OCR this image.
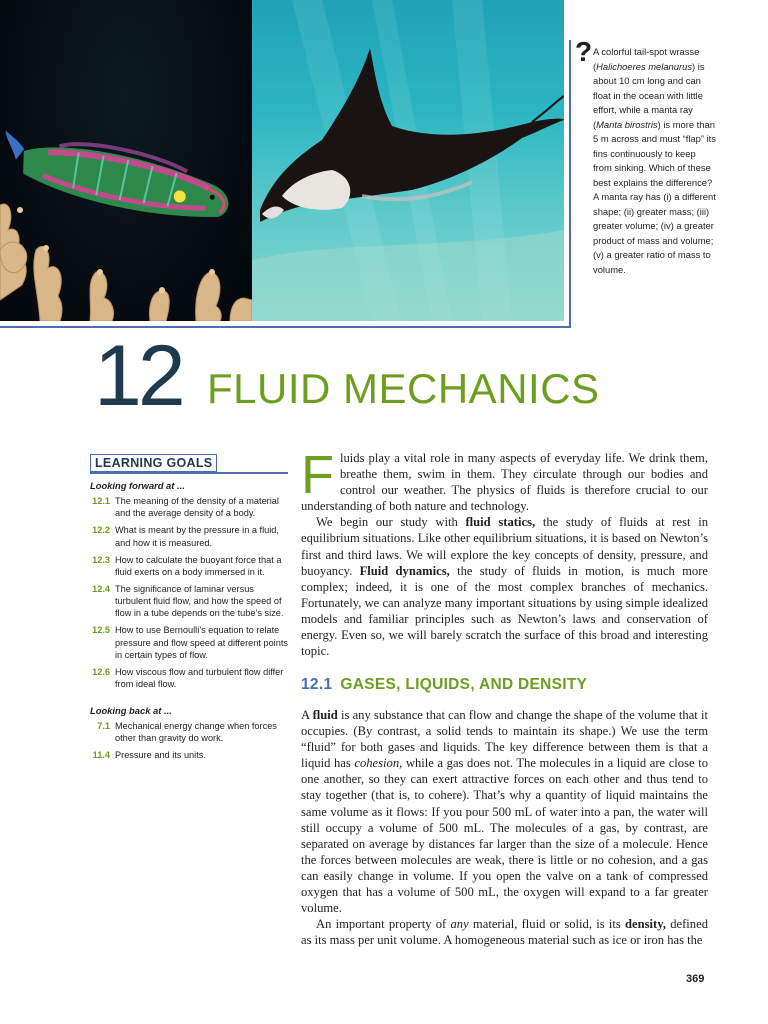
? A colorful tail-spot wrasse (Halichoeres melanurus) is about 10 cm long and can float in the ocean with little effort, while a manta ray (Manta birostris) is more than 5 m across and must “flap” its fins continuously to keep from sinking. Which of these best explains the difference? A manta ray has (i) a different shape; (ii) greater mass; (iii) greater volume; (iv) a greater product of mass and volume; (v) a greater ratio of mass to volume.
12 FLUID MECHANICS
LEARNING GOALS
Looking forward at ...
12.1 The meaning of the density of a material and the average density of a body.
12.2 What is meant by the pressure in a fluid, and how it is measured.
12.3 How to calculate the buoyant force that a fluid exerts on a body immersed in it.
12.4 The significance of laminar versus turbulent fluid flow, and how the speed of flow in a tube depends on the tube’s size.
12.5 How to use Bernoulli’s equation to relate pressure and flow speed at different points in certain types of flow.
12.6 How viscous flow and turbulent flow differ from ideal flow.
Looking back at ...
7.1 Mechanical energy change when forces other than gravity do work.
11.4 Pressure and its units.

Fluids play a vital role in many aspects of everyday life. We drink them, breathe them, swim in them. They circulate through our bodies and control our weather. The physics of fluids is therefore crucial to our understanding of both nature and technology.

We begin our study with fluid statics, the study of fluids at rest in equilibrium situations. Like other equilibrium situations, it is based on Newton’s first and third laws. We will explore the key concepts of density, pressure, and buoyancy. Fluid dynamics, the study of fluids in motion, is much more complex; indeed, it is one of the most complex branches of mechanics. Fortunately, we can analyze many important situations by using simple idealized models and familiar principles such as Newton’s laws and conservation of energy. Even so, we will barely scratch the surface of this broad and interesting topic.

12.1 GASES, LIQUIDS, AND DENSITY

A fluid is any substance that can flow and change the shape of the volume that it occupies. (By contrast, a solid tends to maintain its shape.) We use the term “fluid” for both gases and liquids. The key difference between them is that a liquid has cohesion, while a gas does not. The molecules in a liquid are close to one another, so they can exert attractive forces on each other and thus tend to stay together (that is, to cohere). That’s why a quantity of liquid maintains the same volume as it flows: If you pour 500 mL of water into a pan, the water will still occupy a volume of 500 mL. The molecules of a gas, by contrast, are separated on average by distances far larger than the size of a molecule. Hence the forces between molecules are weak, there is little or no cohesion, and a gas can easily change in volume. If you open the valve on a tank of compressed oxygen that has a volume of 500 mL, the oxygen will expand to a far greater volume.

An important property of any material, fluid or solid, is its density, defined as its mass per unit volume. A homogeneous material such as ice or iron has the

369
